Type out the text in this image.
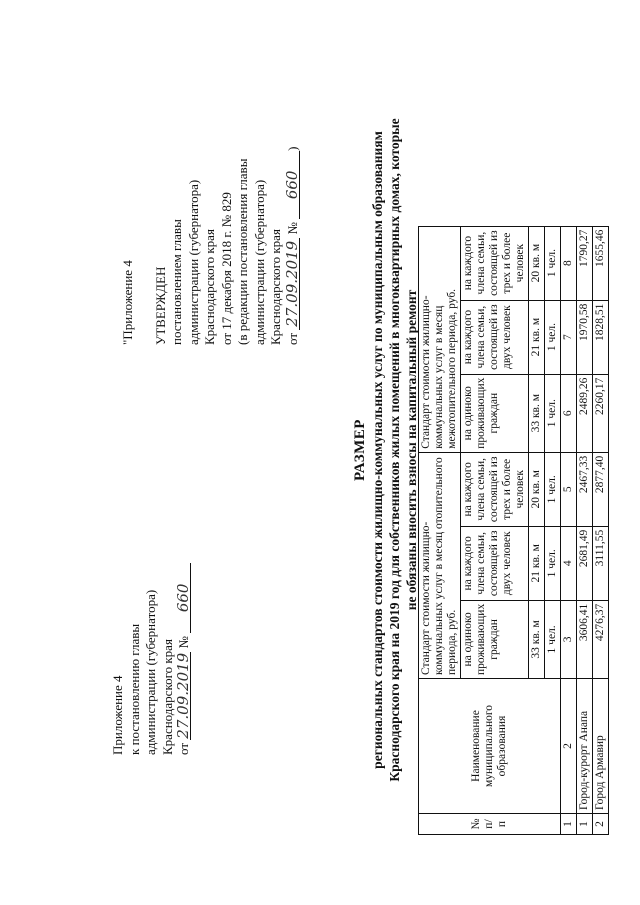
Приложение 4 к постановлению главы администрации (губернатора) Краснодарского края от 27.09.2019 № 660
"Приложение 4 УТВЕРЖДЕН постановлением главы администрации (губернатора) Краснодарского края от 17 декабря 2018 г. № 829 (в редакции постановления главы администрации (губернатора) Краснодарского края от 27.09.2019 № 660)
РАЗМЕР региональных стандартов стоимости жилищно-коммунальных услуг по муниципальным образованиям Краснодарского края на 2019 год для собственников жилых помещений в многоквартирных домах, которые не обязаны вносить взносы на капитальный ремонт
№ п/п	Наименование муниципального образования	Стандарт стоимости жилищно-коммунальных услуг в месяц отопительного периода, руб.			Стандарт стоимости жилищно-коммунальных услуг в месяц межотопительного периода, руб.		
		на одиноко проживающих граждан	на каждого члена семьи, состоящей из двух человек	на каждого члена семьи, состоящей из трех и более человек	на одиноко проживающих граждан	на каждого члена семьи, состоящей из двух человек	на каждого члена семьи, состоящей из трех и более человек
		33 кв. м	21 кв. м	20 кв. м	33 кв. м	21 кв. м	20 кв. м
		1 чел.	1 чел.	1 чел.	1 чел.	1 чел.	1 чел.
1	2	3	4	5	6	7	8
1	Город-курорт Анапа	3606,41	2681,49	2467,33	2489,26	1970,58	1790,27
2	Город Армавир	4276,37	3111,55	2877,40	2260,17	1828,51	1655,46
